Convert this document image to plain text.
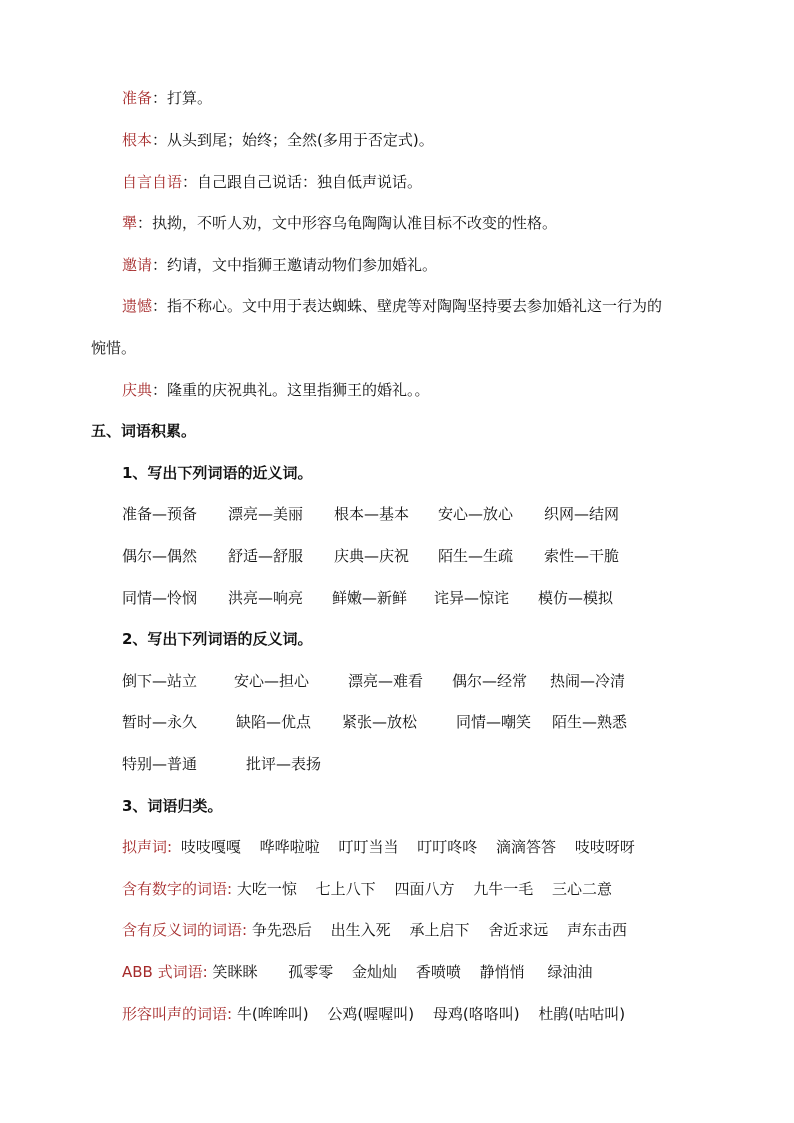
准备：打算。
根本：从头到尾；始终；全然(多用于否定式)。
自言自语：自己跟自己说话：独自低声说话。
犟：执拗，不听人劝，文中形容乌龟陶陶认准目标不改变的性格。
邀请：约请，文中指狮王邀请动物们参加婚礼。
遗憾：指不称心。文中用于表达蜘蛛、壁虎等对陶陶坚持要去参加婚礼这一行为的
惋惜。
庆典：隆重的庆祝典礼。这里指狮王的婚礼。。
五、词语积累。
1、写出下列词语的近义词。
准备—预备 漂亮—美丽 根本—基本 安心—放心 织网—结网
偶尔—偶然 舒适—舒服 庆典—庆祝 陌生—生疏 索性—干脆
同情—怜悯 洪亮—响亮 鲜嫩—新鲜 诧异—惊诧 模仿—模拟
2、写出下列词语的反义词。
倒下—站立 安心—担心	漂亮—难看 偶尔—经常 热闹—冷清
暂时—永久	缺陷—优点 紧张—放松	同情—嘲笑 陌生—熟悉
特别—普通	批评—表扬
3、词语归类。
拟声词: 吱吱嘎嘎 哗哗啦啦 叮叮当当 叮叮咚咚 滴滴答答 吱吱呀呀
含有数字的词语: 大吃一惊 七上八下 四面八方 九牛一毛 三心二意
含有反义词的词语: 争先恐后 出生入死 承上启下 舍近求远 声东击西
ABB 式词语: 笑眯眯 孤零零 金灿灿 香喷喷 静悄悄 绿油油
形容叫声的词语: 牛(哞哞叫) 公鸡(喔喔叫) 母鸡(咯咯叫) 杜鹃(咕咕叫)
